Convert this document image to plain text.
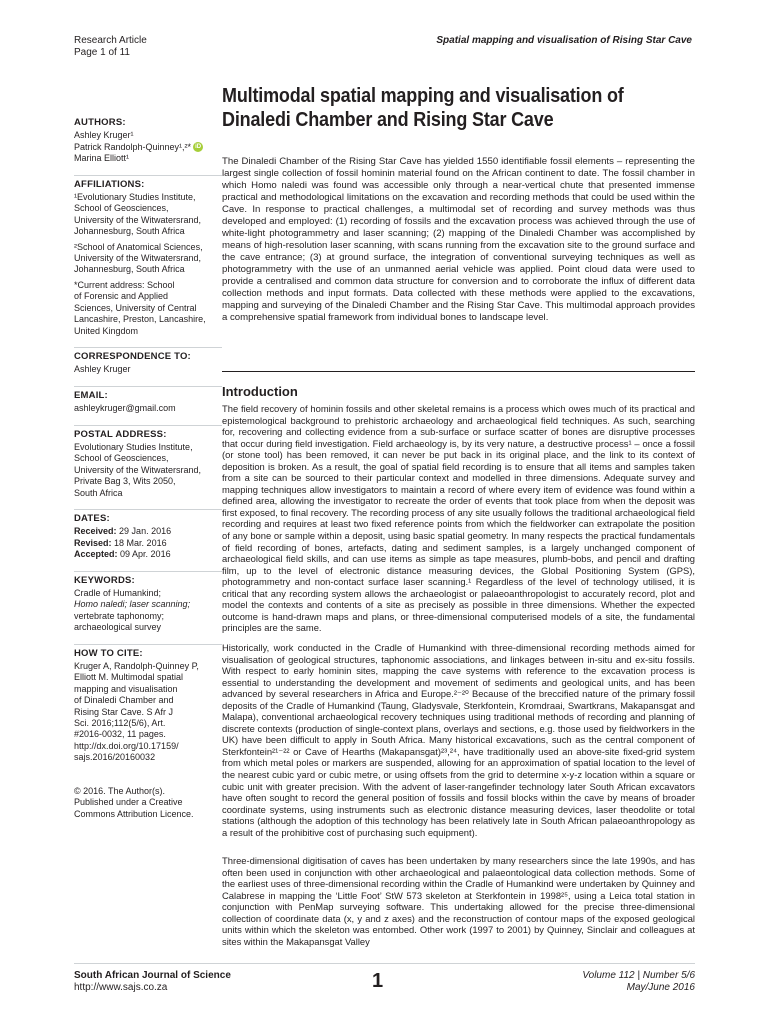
Research Article
Page 1 of 11
Spatial mapping and visualisation of Rising Star Cave
Multimodal spatial mapping and visualisation of Dinaledi Chamber and Rising Star Cave
AUTHORS:
Ashley Kruger¹
Patrick Randolph-Quinney¹,²* iD
Marina Elliott¹
AFFILIATIONS:
¹Evolutionary Studies Institute,
School of Geosciences,
University of the Witwatersrand,
Johannesburg, South Africa
²School of Anatomical Sciences,
University of the Witwatersrand,
Johannesburg, South Africa
*Current address: School
of Forensic and Applied
Sciences, University of Central
Lancashire, Preston, Lancashire,
United Kingdom
CORRESPONDENCE TO:
Ashley Kruger
EMAIL:
ashleykruger@gmail.com
POSTAL ADDRESS:
Evolutionary Studies Institute,
School of Geosciences,
University of the Witwatersrand,
Private Bag 3, Wits 2050,
South Africa
DATES:
Received: 29 Jan. 2016
Revised: 18 Mar. 2016
Accepted: 09 Apr. 2016
KEYWORDS:
Cradle of Humankind;
Homo naledi; laser scanning;
vertebrate taphonomy;
archaeological survey
HOW TO CITE:
Kruger A, Randolph-Quinney P,
Elliott M. Multimodal spatial
mapping and visualisation
of Dinaledi Chamber and
Rising Star Cave. S Afr J
Sci. 2016;112(5/6), Art.
#2016-0032, 11 pages.
http://dx.doi.org/10.17159/
sajs.2016/20160032
© 2016. The Author(s).
Published under a Creative
Commons Attribution Licence.
The Dinaledi Chamber of the Rising Star Cave has yielded 1550 identifiable fossil elements – representing the largest single collection of fossil hominin material found on the African continent to date. The fossil chamber in which Homo naledi was found was accessible only through a near-vertical chute that presented immense practical and methodological limitations on the excavation and recording methods that could be used within the Cave. In response to practical challenges, a multimodal set of recording and survey methods was thus developed and employed: (1) recording of fossils and the excavation process was achieved through the use of white-light photogrammetry and laser scanning; (2) mapping of the Dinaledi Chamber was accomplished by means of high-resolution laser scanning, with scans running from the excavation site to the ground surface and the cave entrance; (3) at ground surface, the integration of conventional surveying techniques as well as photogrammetry with the use of an unmanned aerial vehicle was applied. Point cloud data were used to provide a centralised and common data structure for conversion and to corroborate the influx of different data collection methods and input formats. Data collected with these methods were applied to the excavations, mapping and surveying of the Dinaledi Chamber and the Rising Star Cave. This multimodal approach provides a comprehensive spatial framework from individual bones to landscape level.
Introduction
The field recovery of hominin fossils and other skeletal remains is a process which owes much of its practical and epistemological background to prehistoric archaeology and archaeological field techniques. As such, searching for, recovering and collecting evidence from a sub-surface or surface scatter of bones are disruptive processes that occur during field investigation. Field archaeology is, by its very nature, a destructive process¹ – once a fossil (or stone tool) has been removed, it can never be put back in its original place, and the link to its context of deposition is broken. As a result, the goal of spatial field recording is to ensure that all items and samples taken from a site can be sourced to their particular context and modelled in three dimensions. Adequate survey and mapping techniques allow investigators to maintain a record of where every item of evidence was found within a defined area, allowing the investigator to recreate the order of events that took place from when the deposit was first exposed, to final recovery. The recording process of any site usually follows the traditional archaeological field recording and requires at least two fixed reference points from which the fieldworker can extrapolate the position of any bone or sample within a deposit, using basic spatial geometry. In many respects the practical fundamentals of field recording of bones, artefacts, dating and sediment samples, is a largely unchanged component of archaeological field skills, and can use items as simple as tape measures, plumb-bobs, and pencil and drafting film, up to the level of electronic distance measuring devices, the Global Positioning System (GPS), photogrammetry and non-contact surface laser scanning.¹ Regardless of the level of technology utilised, it is critical that any recording system allows the archaeologist or palaeoanthropologist to accurately record, plot and model the contexts and contents of a site as precisely as possible in three dimensions. Whether the expected outcome is hand-drawn maps and plans, or three-dimensional computerised models of a site, the fundamental principles are the same.
Historically, work conducted in the Cradle of Humankind with three-dimensional recording methods aimed for visualisation of geological structures, taphonomic associations, and linkages between in-situ and ex-situ fossils. With respect to early hominin sites, mapping the cave systems with reference to the excavation process is essential to understanding the development and movement of sediments and geological units, and has been advanced by several researchers in Africa and Europe.²⁻²⁰ Because of the breccified nature of the primary fossil deposits of the Cradle of Humankind (Taung, Gladysvale, Sterkfontein, Kromdraai, Swartkrans, Makapansgat and Malapa), conventional archaeological recovery techniques using traditional methods of recording and planning of discrete contexts (production of single-context plans, overlays and sections, e.g. those used by fieldworkers in the UK) have been difficult to apply in South Africa. Many historical excavations, such as the central component of Sterkfontein²¹⁻²² or Cave of Hearths (Makapansgat)²³,²⁴, have traditionally used an above-site fixed-grid system from which metal poles or markers are suspended, allowing for an approximation of spatial location to the level of the nearest cubic yard or cubic metre, or using offsets from the grid to determine x-y-z location within a square or cubic unit with greater precision. With the advent of laser-rangefinder technology later South African excavators have often sought to record the general position of fossils and fossil blocks within the cave by means of broader coordinate systems, using instruments such as electronic distance measuring devices, laser theodolite or total stations (although the adoption of this technology has been relatively late in South African palaeoanthropology as a result of the prohibitive cost of purchasing such equipment).
Three-dimensional digitisation of caves has been undertaken by many researchers since the late 1990s, and has often been used in conjunction with other archaeological and palaeontological data collection methods. Some of the earliest uses of three-dimensional recording within the Cradle of Humankind were undertaken by Quinney and Calabrese in mapping the ‘Little Foot’ StW 573 skeleton at Sterkfontein in 1998²⁵, using a Leica total station in conjunction with PenMap surveying software. This undertaking allowed for the precise three-dimensional collection of coordinate data (x, y and z axes) and the reconstruction of contour maps of the exposed geological units within which the skeleton was entombed. Other work (1997 to 2001) by Quinney, Sinclair and colleagues at sites within the Makapansgat Valley
South African Journal of Science
http://www.sajs.co.za	1	Volume 112 | Number 5/6
May/June 2016
